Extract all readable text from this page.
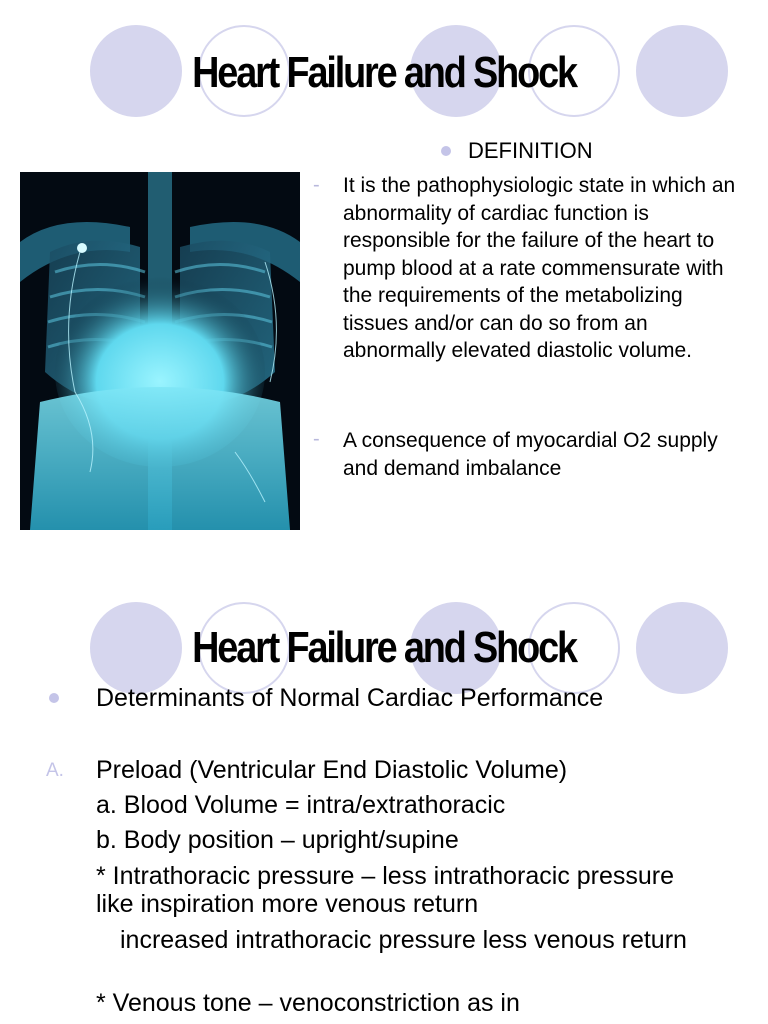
Heart Failure and Shock
DEFINITION
- It is the pathophysiologic state in which an abnormality of cardiac function is responsible for the failure of the heart to pump blood at a rate commensurate with the requirements of the metabolizing tissues and/or can do so from an abnormally elevated diastolic volume.
- A consequence of myocardial O2 supply and demand imbalance
Heart Failure and Shock
Determinants of Normal Cardiac Performance
A. Preload (Ventricular End Diastolic Volume)
a. Blood Volume = intra/extrathoracic
b. Body position – upright/supine
* Intrathoracic pressure – less intrathoracic pressure like inspiration more venous return
increased intrathoracic pressure less venous return
* Venous tone – venoconstriction as in
